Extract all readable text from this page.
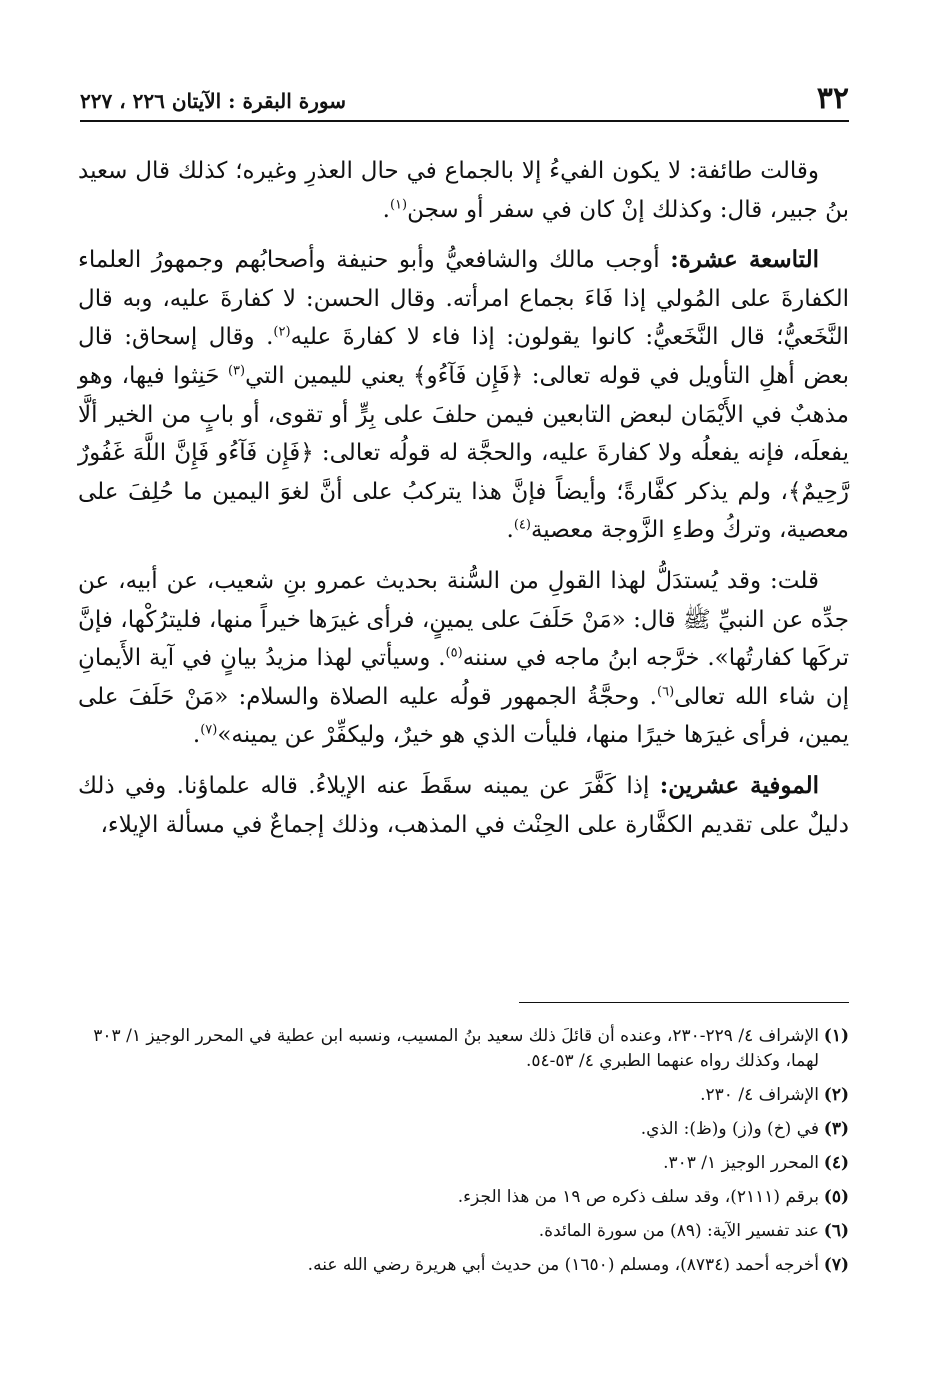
٣٢
سورة البقرة : الآيتان ٢٢٦ ، ٢٢٧

وقالت طائفة: لا يكون الفيءُ إلا بالجماع في حال العذرِ وغيره؛ كذلك قال سعيد بنُ جبير، قال: وكذلك إنْ كان في سفر أو سجن$^{(١)}$.

التاسعة عشرة: أوجب مالك والشافعيُّ وأبو حنيفة وأصحابُهم وجمهورُ العلماء الكفارةَ على المُولي إذا فَاءَ بجماع امرأته. وقال الحسن: لا كفارةَ عليه، وبه قال النَّخَعيُّ؛ قال النَّخَعيُّ: كانوا يقولون: إذا فاء لا كفارةَ عليه$^{(٢)}$. وقال إسحاق: قال بعض أهلِ التأويل في قوله تعالى: ﴿فَإِن فَآءُو﴾ يعني لليمين التي$^{(٣)}$ حَنِثوا فيها، وهو مذهبٌ في الأَيْمَان لبعض التابعين فيمن حلفَ على بِرٍّ أو تقوى، أو بابٍ من الخير ألَّا يفعلَه، فإنه يفعلُه ولا كفارةَ عليه، والحجَّة له قولُه تعالى: ﴿فَإِن فَآءُو فَإِنَّ اللَّهَ غَفُورٌ رَّحِيمٌ﴾، ولم يذكر كفَّارةً؛ وأيضاً فإنَّ هذا يتركبُ على أنَّ لغوَ اليمين ما حُلِفَ على معصية، وتركُ وطءِ الزَّوجة معصية$^{(٤)}$.

قلت: وقد يُستدَلُّ لهذا القولِ من السُّنة بحديث عمرو بنِ شعيب، عن أبيه، عن جدِّه عن النبيِّ ﷺ قال: «مَنْ حَلَفَ على يمينٍ، فرأى غيرَها خيراً منها، فليترُكْها، فإنَّ تركَها كفارتُها». خرَّجه ابنُ ماجه في سننه$^{(٥)}$. وسيأتي لهذا مزيدُ بيانٍ في آية الأَيمانِ إن شاء الله تعالى$^{(٦)}$. وحجَّةُ الجمهور قولُه عليه الصلاة والسلام: «مَنْ حَلَفَ على يمين، فرأى غيرَها خيرًا منها، فليأت الذي هو خيرٌ، وليكفِّرْ عن يمينه»$^{(٧)}$.

الموفية عشرين: إذا كَفَّرَ عن يمينه سقَطَ عنه الإيلاءُ. قاله علماؤنا. وفي ذلك دليلٌ على تقديم الكفَّارة على الحِنْث في المذهب، وذلك إجماعٌ في مسألة الإيلاء،

(١)
الإشراف ٤/ ٢٢٩-٢٣٠، وعنده أن قائلَ ذلك سعيد بنُ المسيب، ونسبه ابن عطية في المحرر الوجيز ١/ ٣٠٣ لهما، وكذلك رواه عنهما الطبري ٤/ ٥٣-٥٤.
(٢)
الإشراف ٤/ ٢٣٠.
(٣)
في (خ) و(ز) و(ظ): الذي.
(٤)
المحرر الوجيز ١/ ٣٠٣.
(٥)
برقم (٢١١١)، وقد سلف ذكره ص ١٩ من هذا الجزء.
(٦)
عند تفسير الآية: (٨٩) من سورة المائدة.
(٧)
أخرجه أحمد (٨٧٣٤)، ومسلم (١٦٥٠) من حديث أبي هريرة رضي الله عنه.
